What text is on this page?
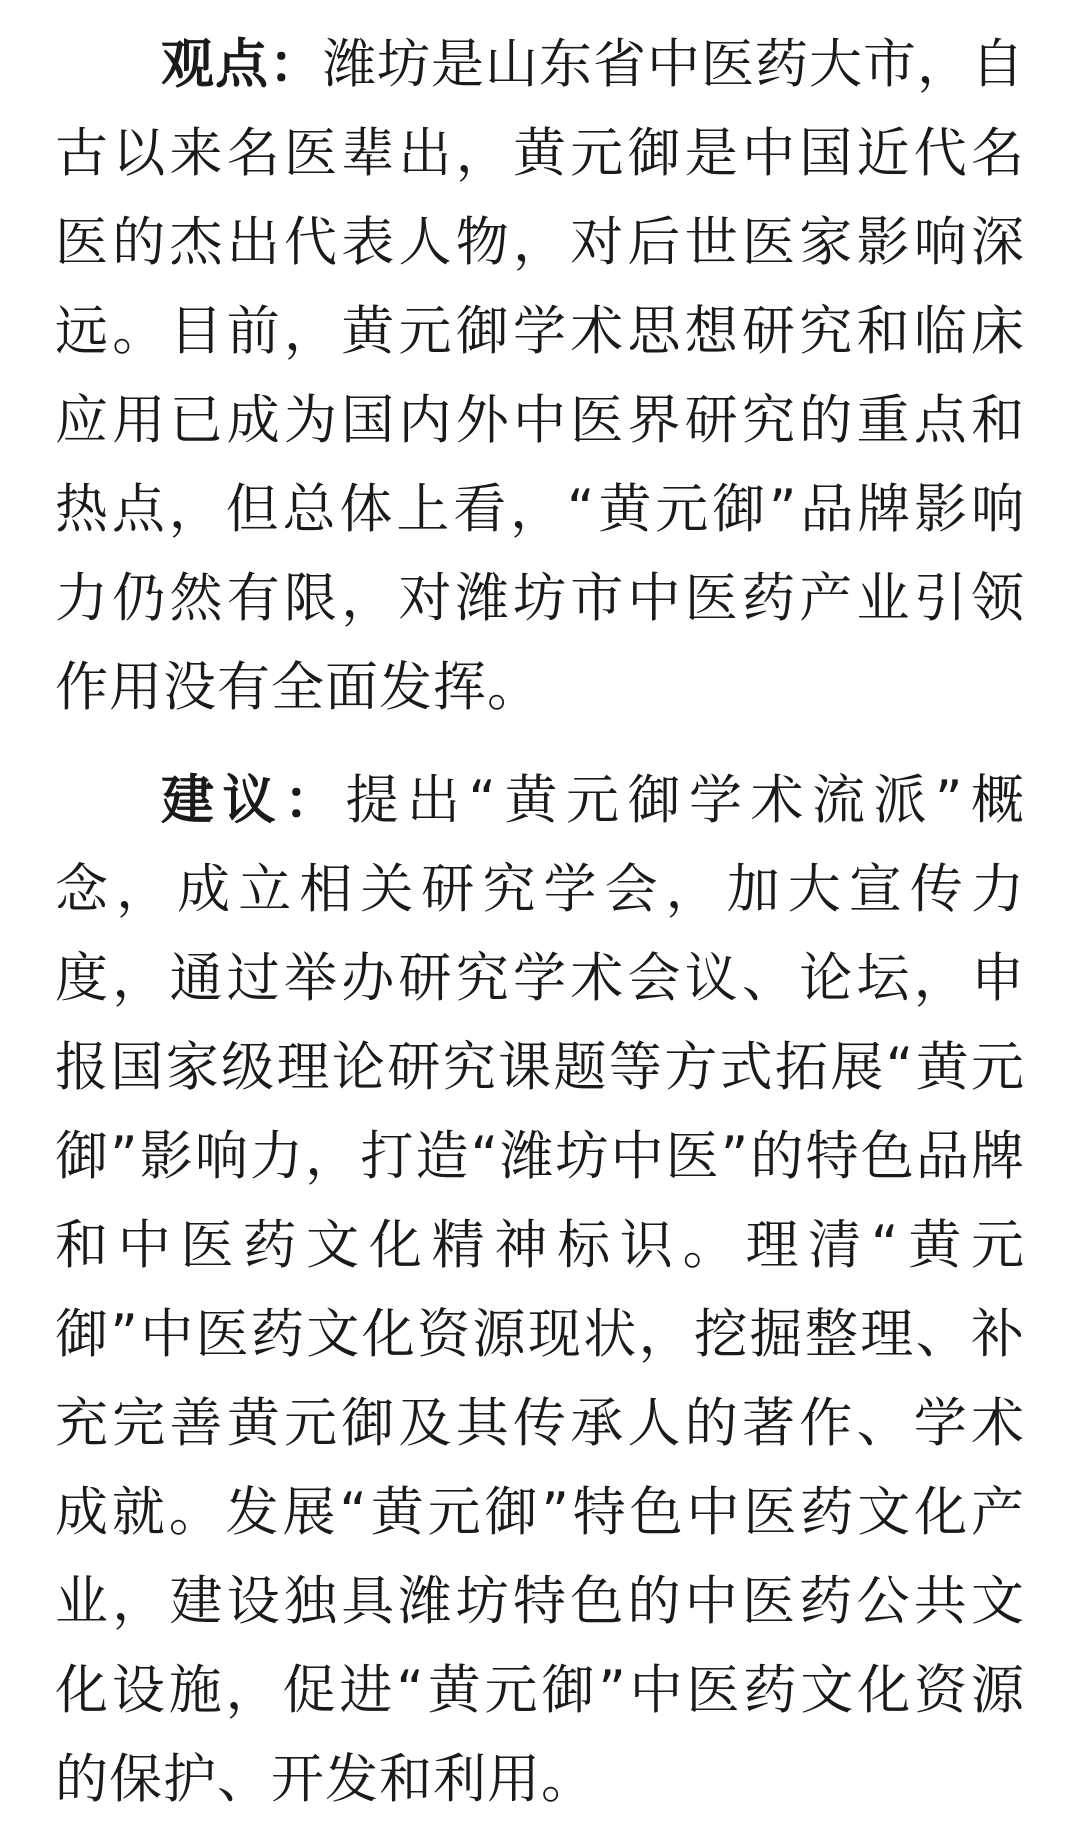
观点：潍坊是山东省中医药大市，自古以来名医辈出，黄元御是中国近代名医的杰出代表人物，对后世医家影响深远。目前，黄元御学术思想研究和临床应用已成为国内外中医界研究的重点和热点，但总体上看，“黄元御”品牌影响力仍然有限，对潍坊市中医药产业引领作用没有全面发挥。

建议：提出“黄元御学术流派”概念，成立相关研究学会，加大宣传力度，通过举办研究学术会议、论坛，申报国家级理论研究课题等方式拓展“黄元御”影响力，打造“潍坊中医”的特色品牌和中医药文化精神标识。理清“黄元御”中医药文化资源现状，挖掘整理、补充完善黄元御及其传承人的著作、学术成就。发展“黄元御”特色中医药文化产业，建设独具潍坊特色的中医药公共文化设施，促进“黄元御”中医药文化资源的保护、开发和利用。
